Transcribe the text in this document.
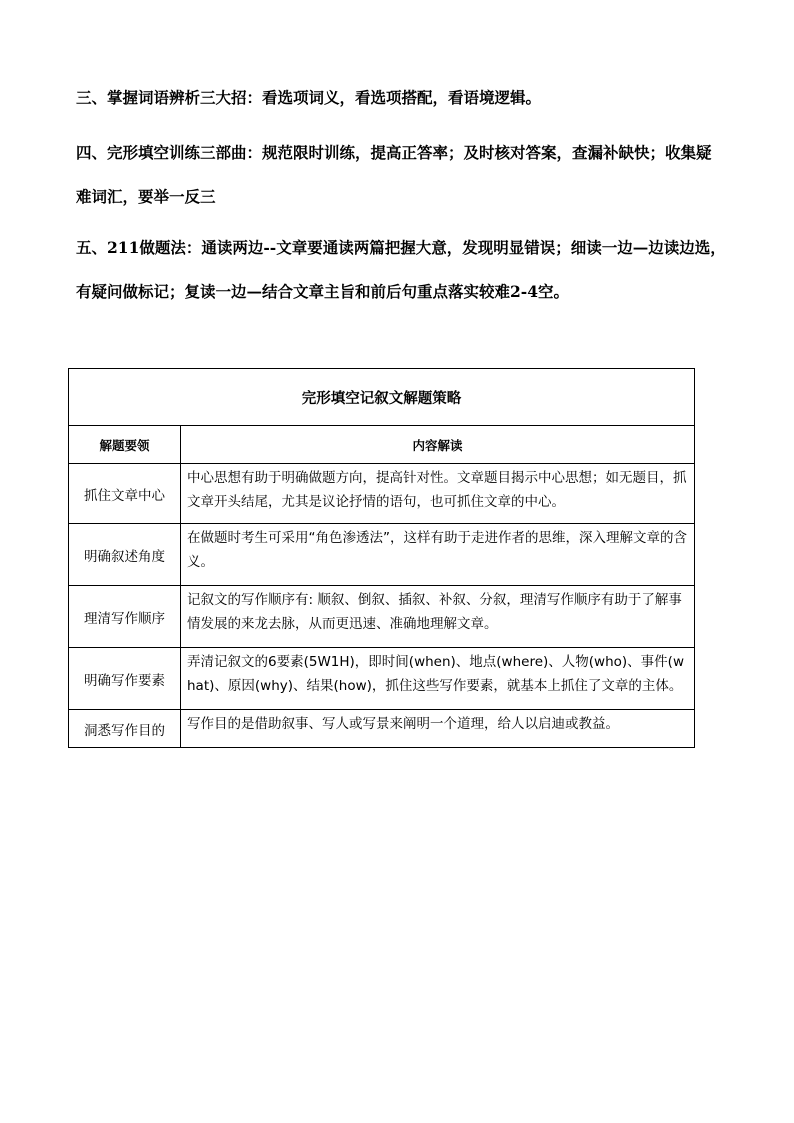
三、掌握词语辨析三大招：看选项词义，看选项搭配，看语境逻辑。

四、完形填空训练三部曲：规范限时训练，提高正答率；及时核对答案，查漏补缺快；收集疑难词汇，要举一反三

五、211做题法：通读两边--文章要通读两篇把握大意，发现明显错误；细读一边—边读边选，有疑问做标记；复读一边—结合文章主旨和前后句重点落实较难2-4空。

完形填空记叙文解题策略	
解题要领	内容解读
抓住文章中心	中心思想有助于明确做题方向，提高针对性。文章题目揭示中心思想；如无题目，抓文章开头结尾，尤其是议论抒情的语句，也可抓住文章的中心。
明确叙述角度	在做题时考生可采用“角色渗透法”，这样有助于走进作者的思维，深入理解文章的含义。
理清写作顺序	记叙文的写作顺序有: 顺叙、倒叙、插叙、补叙、分叙，理清写作顺序有助于了解事情发展的来龙去脉，从而更迅速、准确地理解文章。
明确写作要素	弄清记叙文的6要素(5W1H)，即时间(when)、地点(where)、人物(who)、事件(what)、原因(why)、结果(how)，抓住这些写作要素，就基本上抓住了文章的主体。
洞悉写作目的	写作目的是借助叙事、写人或写景来阐明一个道理，给人以启迪或教益。
